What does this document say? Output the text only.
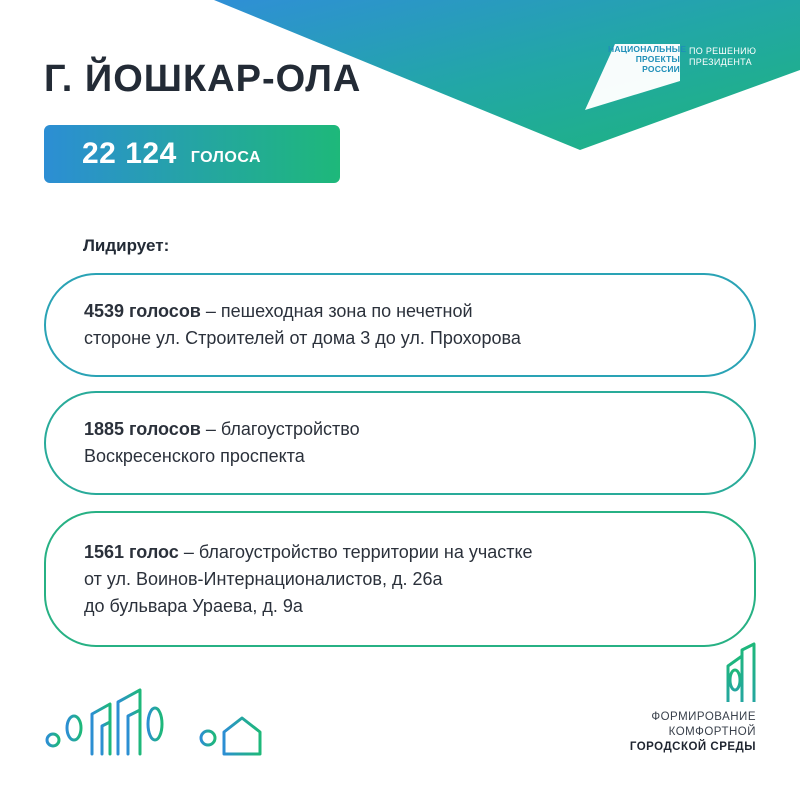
НАЦИОНАЛЬНЫЕ
ПРОЕКТЫ
РОССИИ
ПО РЕШЕНИЮ
ПРЕЗИДЕНТА
Г. ЙОШКАР-ОЛА
22 124 ГОЛОСА
Лидирует:
4539 голосов – пешеходная зона по нечетной
стороне ул. Строителей от дома 3 до ул. Прохорова
1885 голосов – благоустройство
Воскресенского проспекта
1561 голос – благоустройство территории на участке
от ул. Воинов-Интернационалистов, д. 26а
до бульвара Ураева, д. 9а
ФОРМИРОВАНИЕ
КОМФОРТНОЙ
ГОРОДСКОЙ СРЕДЫ
